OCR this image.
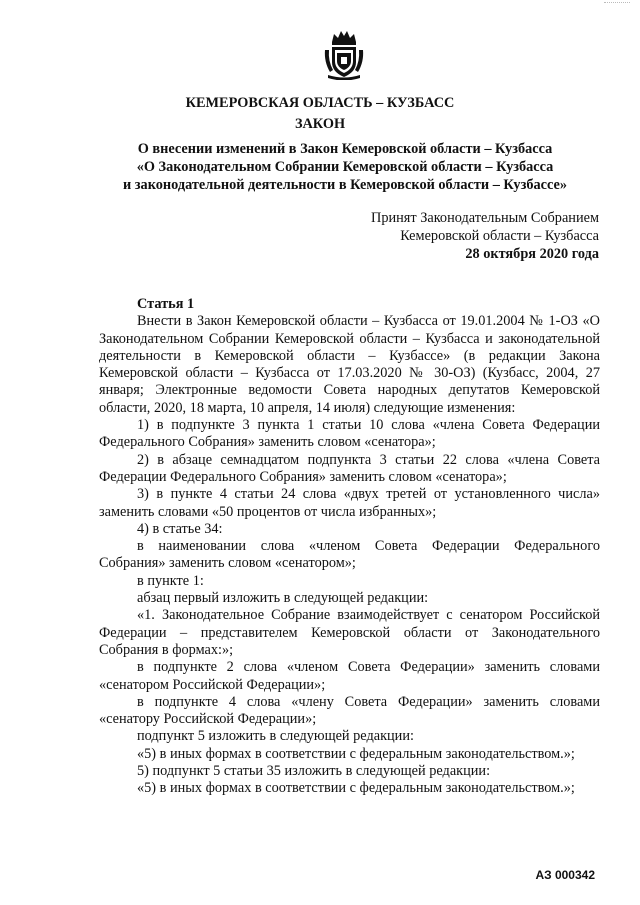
КЕМЕРОВСКАЯ ОБЛАСТЬ – КУЗБАСС
ЗАКОН
О внесении изменений в Закон Кемеровской области – Кузбасса
«О Законодательном Собрании Кемеровской области – Кузбасса
и законодательной деятельности в Кемеровской области – Кузбассе»
Принят Законодательным Собранием
Кемеровской области – Кузбасса
28 октября 2020 года

Статья 1

Внести в Закон Кемеровской области – Кузбасса от 19.01.2004 № 1-ОЗ «О Законодательном Собрании Кемеровской области – Кузбасса и законодательной деятельности в Кемеровской области – Кузбассе» (в редакции Закона Кемеровской области – Кузбасса от 17.03.2020 № 30-ОЗ) (Кузбасс, 2004, 27 января; Электронные ведомости Совета народных депутатов Кемеровской области, 2020, 18 марта, 10 апреля, 14 июля) следующие изменения:

1) в подпункте 3 пункта 1 статьи 10 слова «члена Совета Федерации Федерального Собрания» заменить словом «сенатора»;

2) в абзаце семнадцатом подпункта 3 статьи 22 слова «члена Совета Федерации Федерального Собрания» заменить словом «сенатора»;

3) в пункте 4 статьи 24 слова «двух третей от установленного числа» заменить словами «50 процентов от числа избранных»;

4) в статье 34:

в наименовании слова «членом Совета Федерации Федерального Собрания» заменить словом «сенатором»;

в пункте 1:

абзац первый изложить в следующей редакции:

«1. Законодательное Собрание взаимодействует с сенатором Российской Федерации – представителем Кемеровской области от Законодательного Собрания в формах:»;

в подпункте 2 слова «членом Совета Федерации» заменить словами «сенатором Российской Федерации»;

в подпункте 4 слова «члену Совета Федерации» заменить словами «сенатору Российской Федерации»;

подпункт 5 изложить в следующей редакции:

«5) в иных формах в соответствии с федеральным законодательством.»;

5) подпункт 5 статьи 35 изложить в следующей редакции:

«5) в иных формах в соответствии с федеральным законодательством.»;

АЗ 000342
